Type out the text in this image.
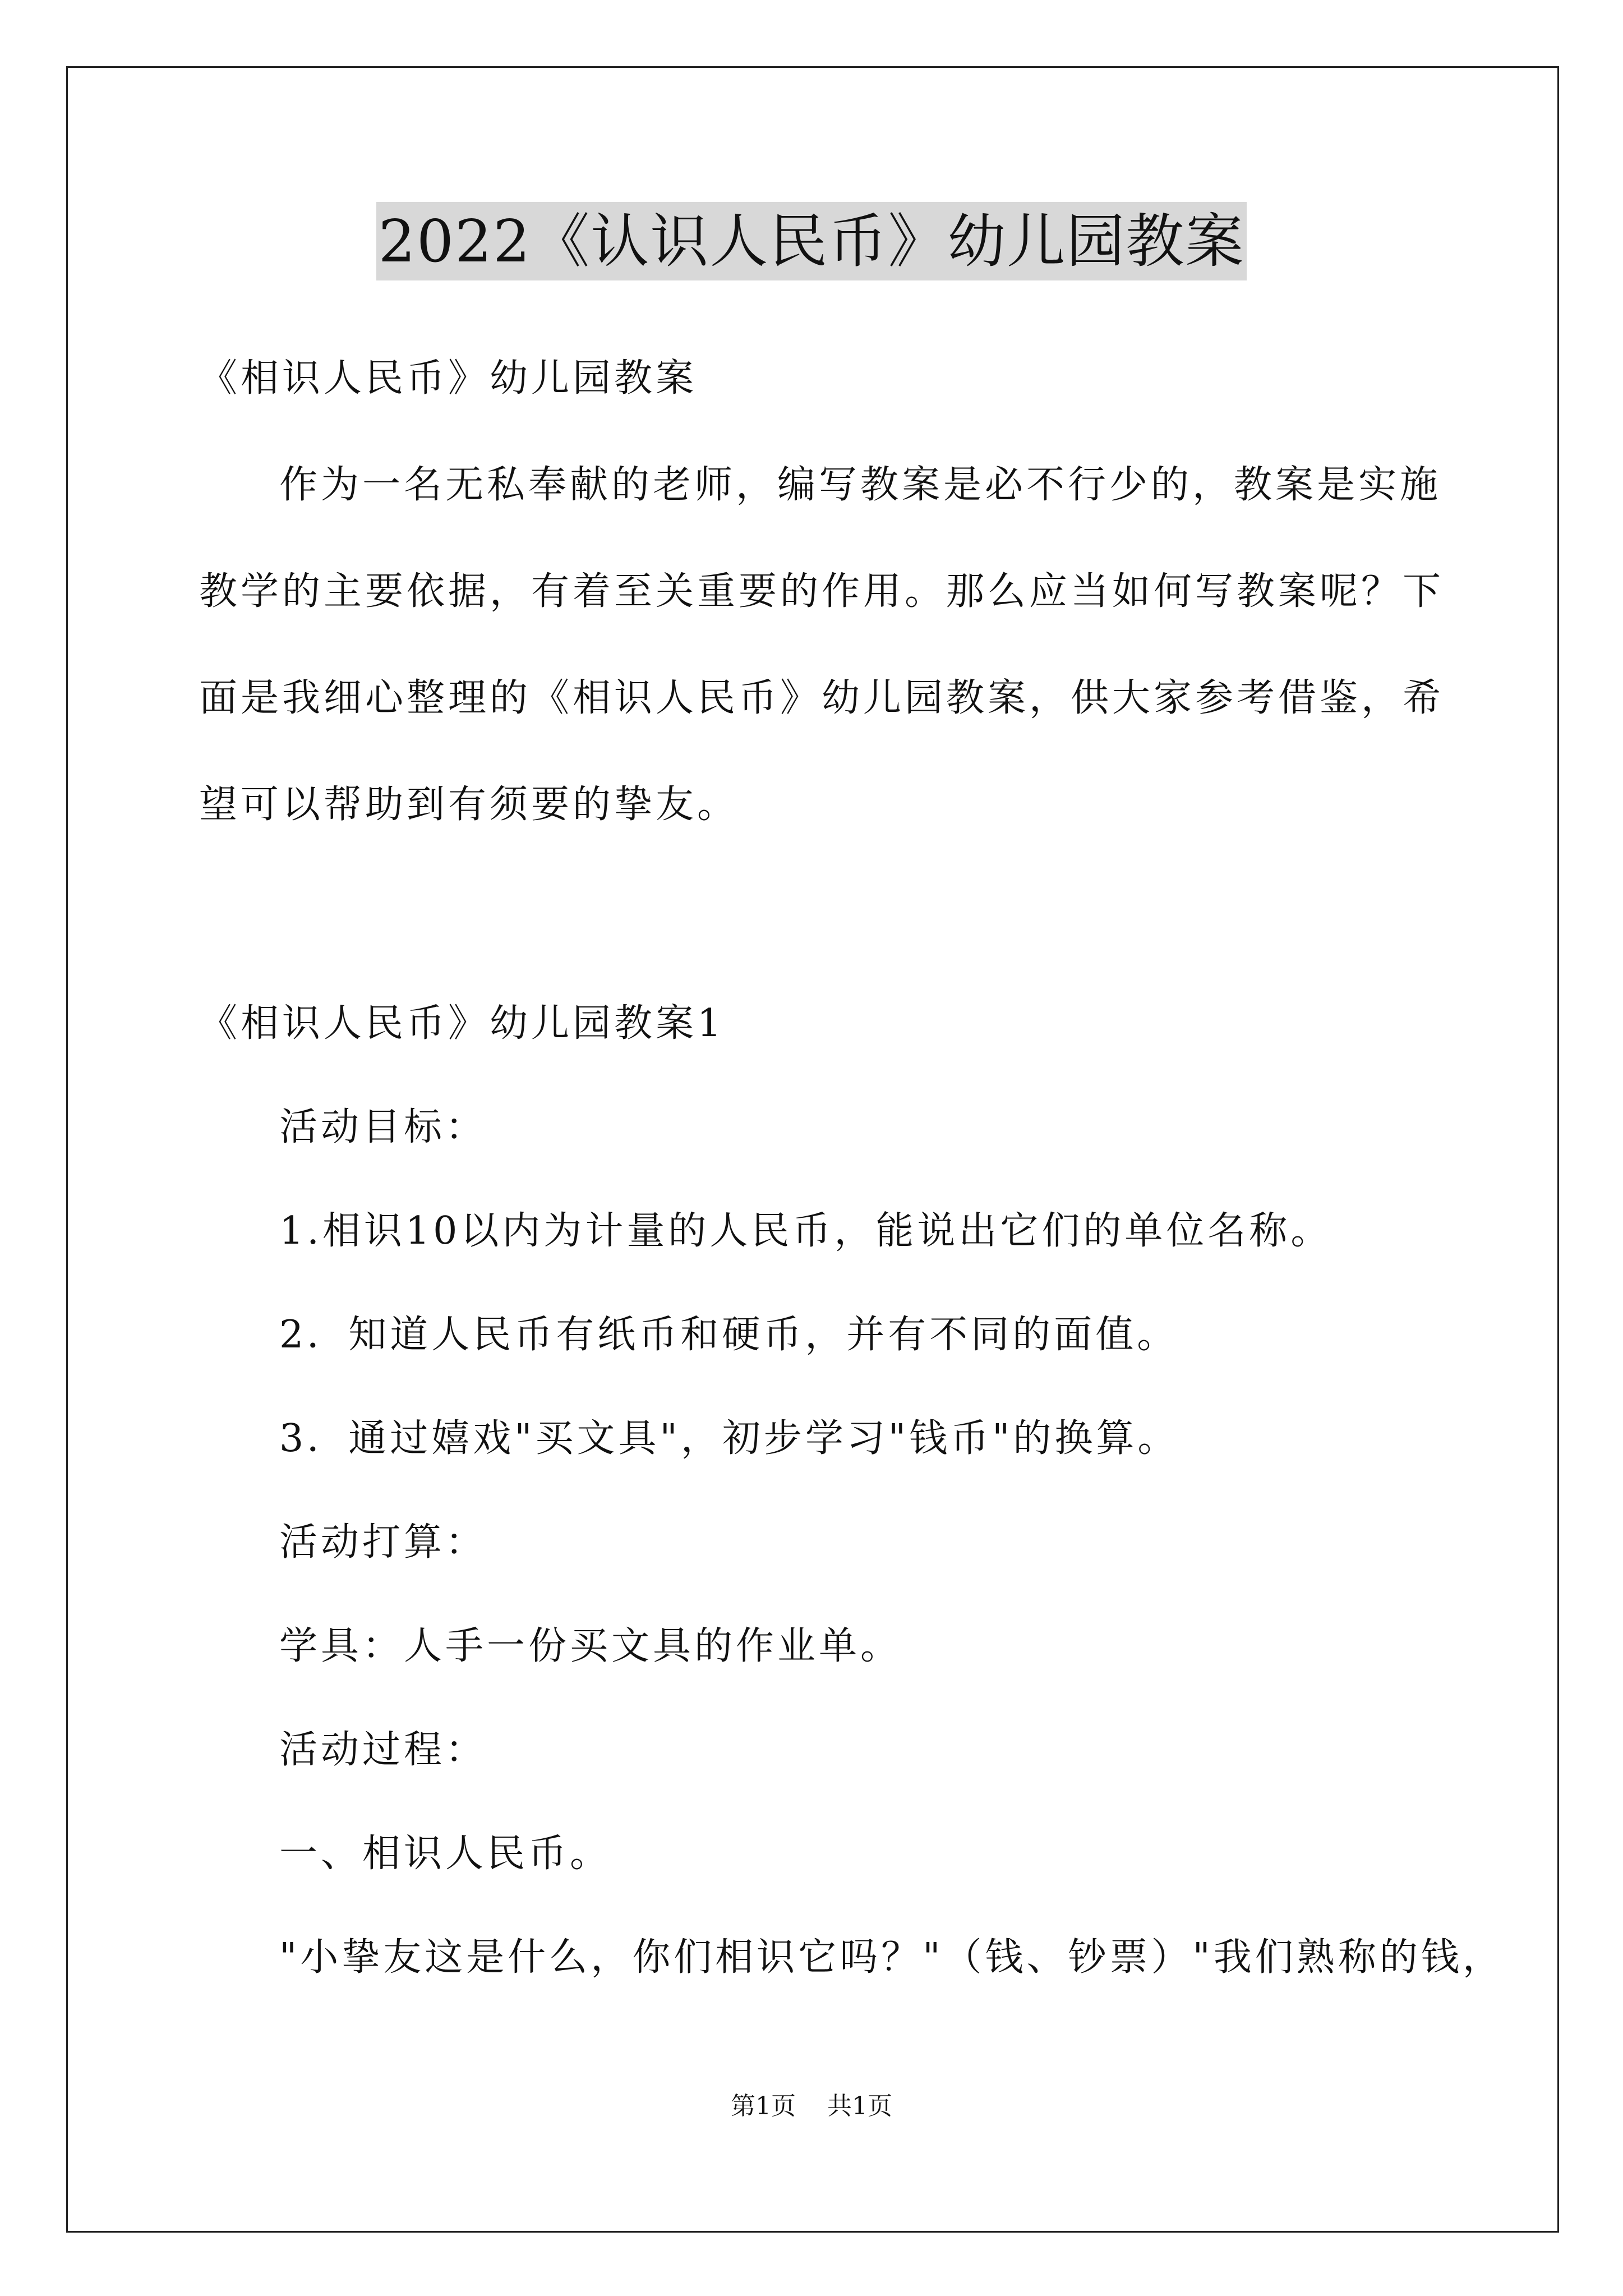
2022《认识人民币》幼儿园教案
《相识人民币》幼儿园教案
作为一名无私奉献的老师，编写教案是必不行少的，教案是实施
教学的主要依据，有着至关重要的作用。那么应当如何写教案呢？下
面是我细心整理的《相识人民币》幼儿园教案，供大家参考借鉴，希
望可以帮助到有须要的挚友。
《相识人民币》幼儿园教案1
活动目标：
1.相识10以内为计量的人民币，能说出它们的单位名称。
2．知道人民币有纸币和硬币，并有不同的面值。
3．通过嬉戏"买文具"，初步学习"钱币"的换算。
活动打算：
学具：人手一份买文具的作业单。
活动过程：
一、相识人民币。
"小挚友这是什么，你们相识它吗？"（钱、钞票）"我们熟称的钱，
第1页    共1页
